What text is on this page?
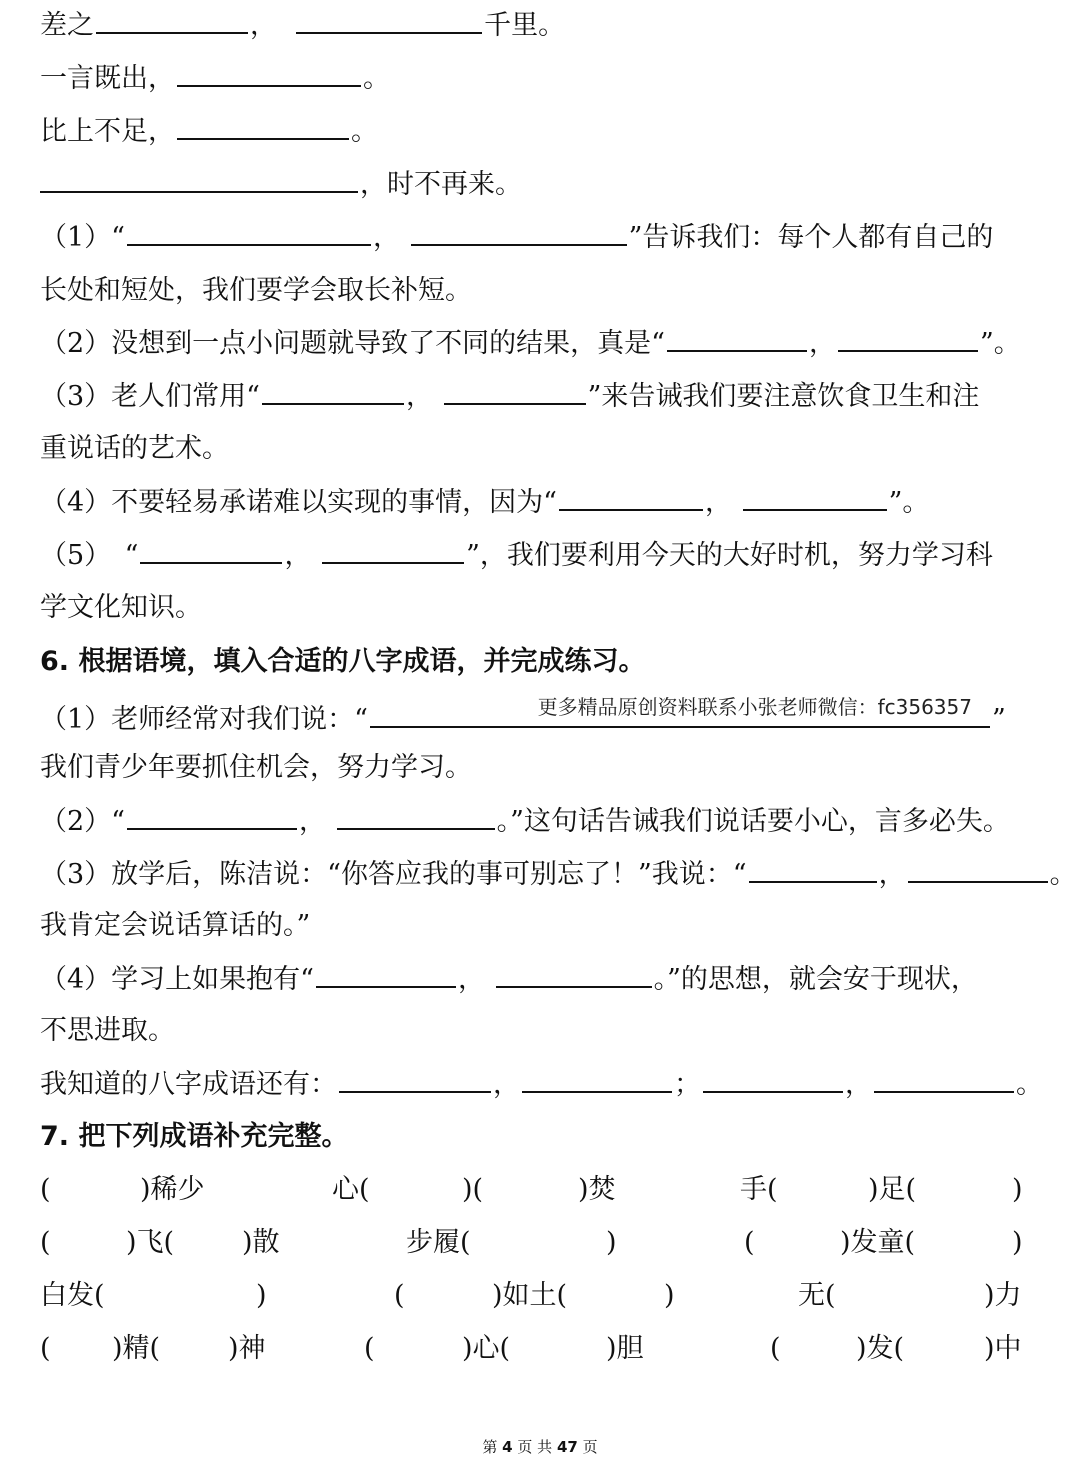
差之	，	千里。
一言既出，	。
比上不足，	。
，时不再来。
（1）“	，	”告诉我们：每个人都有自己的
长处和短处，我们要学会取长补短。
（2）没想到一点小问题就导致了不同的结果，真是“	，	”。
（3）老人们常用“	，	”来告诫我们要注意饮食卫生和注
重说话的艺术。
（4）不要轻易承诺难以实现的事情，因为“	，	”。
（5）　“	，	”，我们要利用今天的大好时机，努力学习科
学文化知识。
6. 根据语境，填入合适的八字成语，并完成练习。
（1）老师经常对我们说：“	更多精品原创资料联系小张老师微信：fc356357 ”
我们青少年要抓住机会，努力学习。
（2）“	，	。”这句话告诫我们说话要小心，言多必失。
（3）放学后，陈洁说：“你答应我的事可别忘了！”我说：“	，	。
我肯定会说话算话的。”
（4）学习上如果抱有“	，	。”的思想，就会安于现状，
不思进取。
我知道的八字成语还有：	，	；	，	。
7. 把下列成语补充完整。
(	)稀少	心(	)(	)焚	手(	)足(	)
(	)飞(	)散	步履(	)	(	)发童(	)
白发(	)	(	)如土(	)	无(	)力
( )精(	)神	(	)心(	)胆	(	)发(	)中
第 4 页 共 47 页
